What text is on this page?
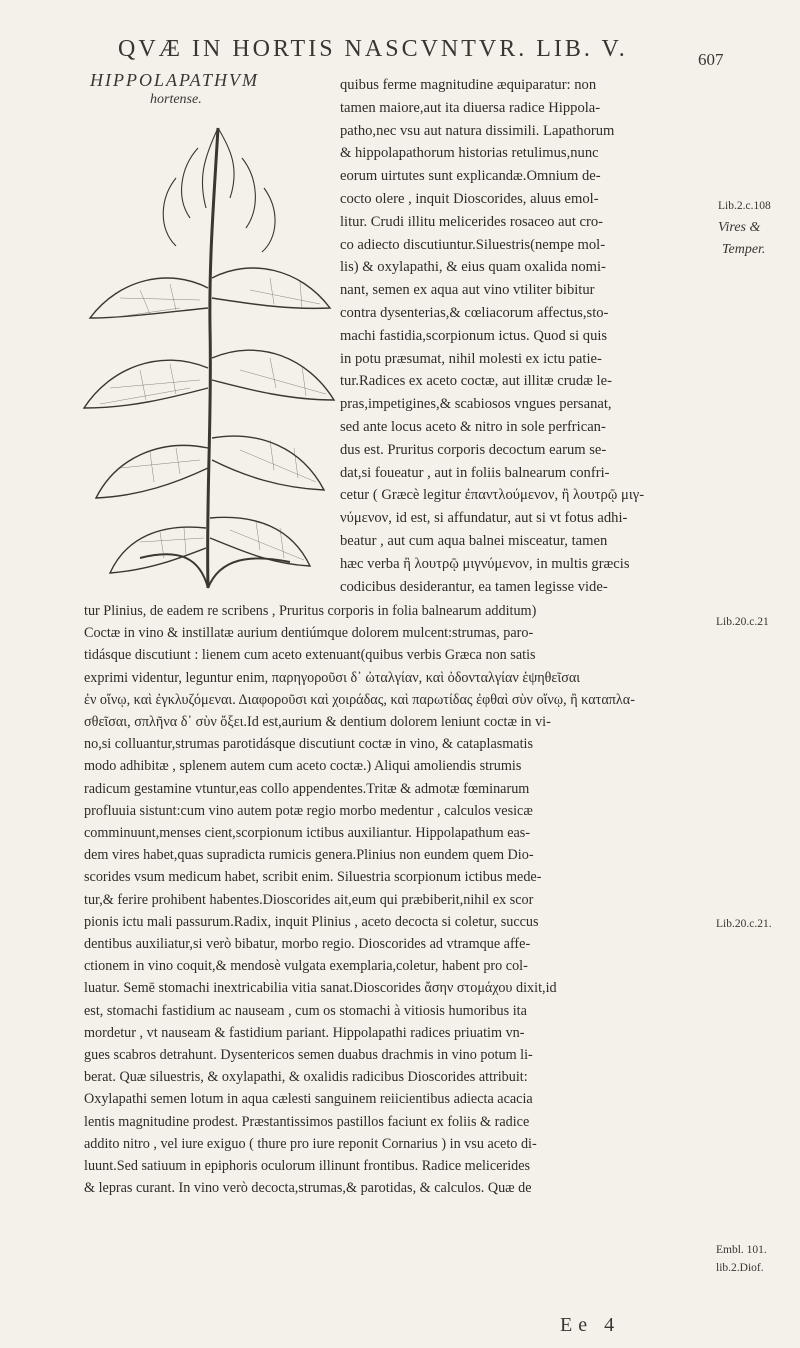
QVÆ IN HORTIS NASCVNTVR. LIB. V.	607
HIPPOLAPATHVM
hortense.
quibus ferme magnitudine æquiparatur: non
tamen maiore,aut ita diuersa radice Hippola-
patho,nec vsu aut natura dissimili. Lapathorum
& hippolapathorum historias retulimus,nunc
eorum uirtutes sunt explicandæ.Omnium de-
cocto olere , inquit Dioscorides, aluus emol-
litur. Crudi illitu melicerides rosaceo aut cro-
co adiecto discutiuntur.Siluestris(nempe mol-
lis) & oxylapathi, & eius quam oxalida nomi-
nant, semen ex aqua aut vino vtiliter bibitur
contra dysenterias,& cœliacorum affectus,sto-
machi fastidia,scorpionum ictus. Quod si quis
in potu præsumat, nihil molesti ex ictu patie-
tur.Radices ex aceto coctæ, aut illitæ crudæ le-
pras,impetigines,& scabiosos vngues persanat,
sed ante locus aceto & nitro in sole perfrican-
dus est. Pruritus corporis decoctum earum se-
dat,si foueatur , aut in foliis balnearum confri-
cetur ( Græcè legitur ἐπαντλούμενον, ἢ λουτρῷ μιγ-
νύμενον, id est, si affundatur, aut si vt fotus adhi-
beatur , aut cum aqua balnei misceatur, tamen
hæc verba ἢ λουτρῷ μιγνύμενον, in multis græcis
codicibus desiderantur, ea tamen legisse vide-
tur Plinius, de eadem re scribens , Pruritus corporis in folia balnearum additum)
Coctæ in vino & instillatæ aurium dentiúmque dolorem mulcent:strumas, paro-
tidásque discutiunt : lienem cum aceto extenuant(quibus verbis Græca non satis
exprimi videntur, leguntur enim, παρηγοροῦσι δ᾽ ὠταλγίαν, καὶ ὀδονταλγίαν ἑψηθεῖσαι
ἐν οἴνῳ, καὶ ἐγκλυζόμεναι. Διαφοροῦσι καὶ χοιράδας, καὶ παρωτίδας ἐφθαὶ σὺν οἴνῳ, ἢ καταπλα-
σθεῖσαι, σπλῆνα δ᾽ σὺν ὄξει.Id est,aurium & dentium dolorem leniunt coctæ in vi-
no,si colluantur,strumas parotidásque discutiunt coctæ in vino, & cataplasmatis
modo adhibitæ , splenem autem cum aceto coctæ.) Aliqui amoliendis strumis
radicum gestamine vtuntur,eas collo appendentes.Tritæ & admotæ fœminarum
profluuia sistunt:cum vino autem potæ regio morbo medentur , calculos vesicæ
comminuunt,menses cient,scorpionum ictibus auxiliantur. Hippolapathum eas-
dem vires habet,quas supradicta rumicis genera.Plinius non eundem quem Dio-
scorides vsum medicum habet, scribit enim. Siluestria scorpionum ictibus mede-
tur,& ferire prohibent habentes.Dioscorides ait,eum qui præbiberit,nihil ex scor
pionis ictu mali passurum.Radix, inquit Plinius , aceto decocta si coletur, succus
dentibus auxiliatur,si verò bibatur, morbo regio. Dioscorides ad vtramque affe-
ctionem in vino coquit,& mendosè vulgata exemplaria,coletur, habent pro col-
luatur. Semē stomachi inextricabilia vitia sanat.Dioscorides ἄσην στομάχου dixit,id
est, stomachi fastidium ac nauseam , cum os stomachi à vitiosis humoribus ita
mordetur , vt nauseam & fastidium pariant. Hippolapathi radices priuatim vn-
gues scabros detrahunt. Dysentericos semen duabus drachmis in vino potum li-
berat. Quæ siluestris, & oxylapathi, & oxalidis radicibus Dioscorides attribuit:
Oxylapathi semen lotum in aqua cælesti sanguinem reiicientibus adiecta acacia
lentis magnitudine prodest. Præstantissimos pastillos faciunt ex foliis & radice
addito nitro , vel iure exiguo ( thure pro iure reponit Cornarius ) in vsu aceto di-
luunt.Sed satiuum in epiphoris oculorum illinunt frontibus. Radice melicerides
& lepras curant. In vino verò decocta,strumas,& parotidas, & calculos. Quæ de
Lib.2.c.108
Vires &
Temper.
Lib.20.c.21
Lib.20.c.21.
Embl. 101.
lib.2.Diof.
Ee 4
